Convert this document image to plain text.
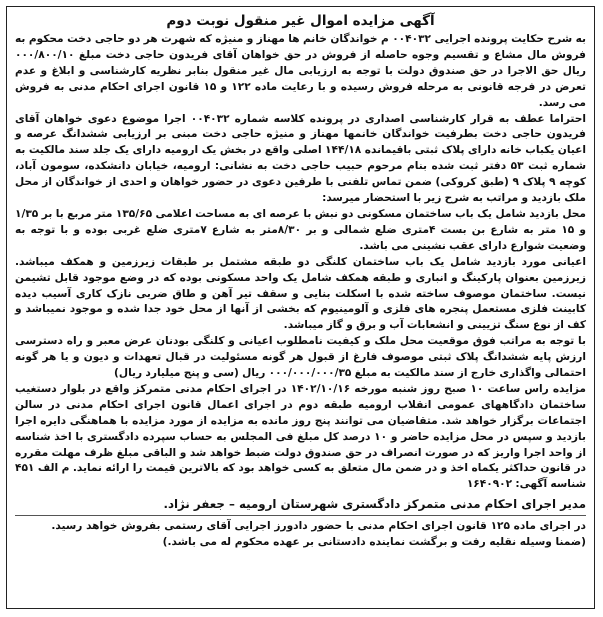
آگهی مزایده اموال غیر منقول نوبت دوم

به شرح حکایت پرونده اجرایی ۰۰۴۰۳۲ م خواندگان خانم ها مهناز و منیژه که شهرت هر دو حاجی دخت محکوم به فروش مال مشاع و تقسیم وجوه حاصله از فروش در حق خواهان آقای فریدون حاجی دخت مبلغ ۰۰۰/۸۰۰/۱۰ ریال حق الاجرا در حق صندوق دولت با توجه به ارزیابی مال غیر منقول بنابر نظریه کارشناسی و ابلاغ و عدم تعرض در فرجه قانونی به مرحله فروش رسیده و با رعایت ماده ۱۲۲ و ۱۵ قانون اجرای احکام مدنی به فروش می رسد.

احتراما عطف به قرار کارشناسی اصداری در پرونده کلاسه شماره ۰۰۴۰۳۲ اجرا موضوع دعوی خواهان آقای فریدون حاجی دخت بطرفیت خواندگان خانمها مهناز و منیژه حاجی دخت مبنی بر ارزیابی ششدانگ عرصه و اعیان یکباب خانه دارای پلاک ثبتی باقیمانده ۱۴۴/۱۸ اصلی واقع در بخش یک ارومیه دارای یک جلد سند مالکیت به شماره ثبت ۵۳ دفتر ثبت شده بنام مرحوم حبیب حاجی دخت به نشانی: ارومیه، خیابان دانشکده، سومون آباد، کوچه ۹ پلاک ۹ (طبق کروکی) ضمن تماس تلفنی با طرفین دعوی در حضور خواهان و احدی از خواندگان از محل ملک بازدید و مراتب به شرح زیر با استحضار میرسد:

محل بازدید شامل یک باب ساختمان مسکونی دو نبش با عرصه ای به مساحت اعلامی ۱۳۵/۶۵ متر مربع با بر ۱/۳۵ و ۱۵ متر به شارع بن بست ۴متری ضلع شمالی و بر ۸/۳۰متر به شارع ۷متری ضلع غربی بوده و با توجه به وضعیت شوارع دارای عقب نشینی می باشد.

اعیانی مورد بازدید شامل یک باب ساختمان کلنگی دو طبقه مشتمل بر طبقات زیرزمین و همکف میباشد. زیرزمین بعنوان پارکینگ و انباری و طبقه همکف شامل یک واحد مسکونی بوده که در وضع موجود قابل تشیمن نیست. ساختمان موصوف ساخته شده با اسکلت بنایی و سقف تیر آهن و طاق ضربی نازک کاری آسیب دیده کابینت فلزی مستعمل پنجره های فلزی و آلومینیوم که بخشی از آنها از محل خود جدا شده و موجود نمیباشد و کف از نوع سنگ تزیینی و انشعابات آب و برق و گاز میباشد.

با توجه به مراتب فوق موقعیت محل ملک و کیفیت نامطلوب اعیانی و کلنگی بودنان عرض معبر و راه دسترسی ارزش پایه ششدانگ پلاک ثبتی موصوف فارغ از قبول هر گونه مسئولیت در قبال تعهدات و دیون و یا هر گونه احتمالی واگذاری خارج از سند مالکیت به مبلغ ۰۰۰/۰۰۰/۰۰۰/۳۵ ریال (سی و پنج میلیارد ریال)

مزایده راس ساعت ۱۰ صبح روز شنبه مورخه ۱۴۰۲/۱۰/۱۶ در اجرای احکام مدنی متمرکز واقع در بلوار دستغیب ساختمان دادگاههای عمومی انقلاب ارومیه طبقه دوم در اجرای اعمال قانون اجرای احکام مدنی در سالن اجتماعات برگزار خواهد شد. متقاضیان می توانند پنج روز مانده به مزایده از مورد مزایده با هماهنگی دایره اجرا بازدید و سپس در محل مزایده حاضر و ۱۰ درصد کل مبلغ فی المجلس به حساب سپرده دادگستری با اخذ شناسه از واحد اجرا واریز که در صورت انصراف در حق صندوق دولت ضبط خواهد شد و الباقی مبلغ ظرف مهلت مقرره در قانون حداکثر یکماه اخذ و در ضمن مال متعلق به کسی خواهد بود که بالاترین قیمت را ارائه نماید. م الف ۴۵۱ شناسه آگهی: ۱۶۴۰۹۰۲

مدیر اجرای احکام مدنی متمرکز دادگستری شهرستان ارومیه – جعفر نژاد.

در اجرای ماده ۱۲۵ قانون اجرای احکام مدنی با حضور دادورز اجرایی آقای رستمی بفروش خواهد رسید.

(ضمنا وسیله نقلیه رفت و برگشت نماینده دادستانی بر عهده محکوم له می باشد.)
